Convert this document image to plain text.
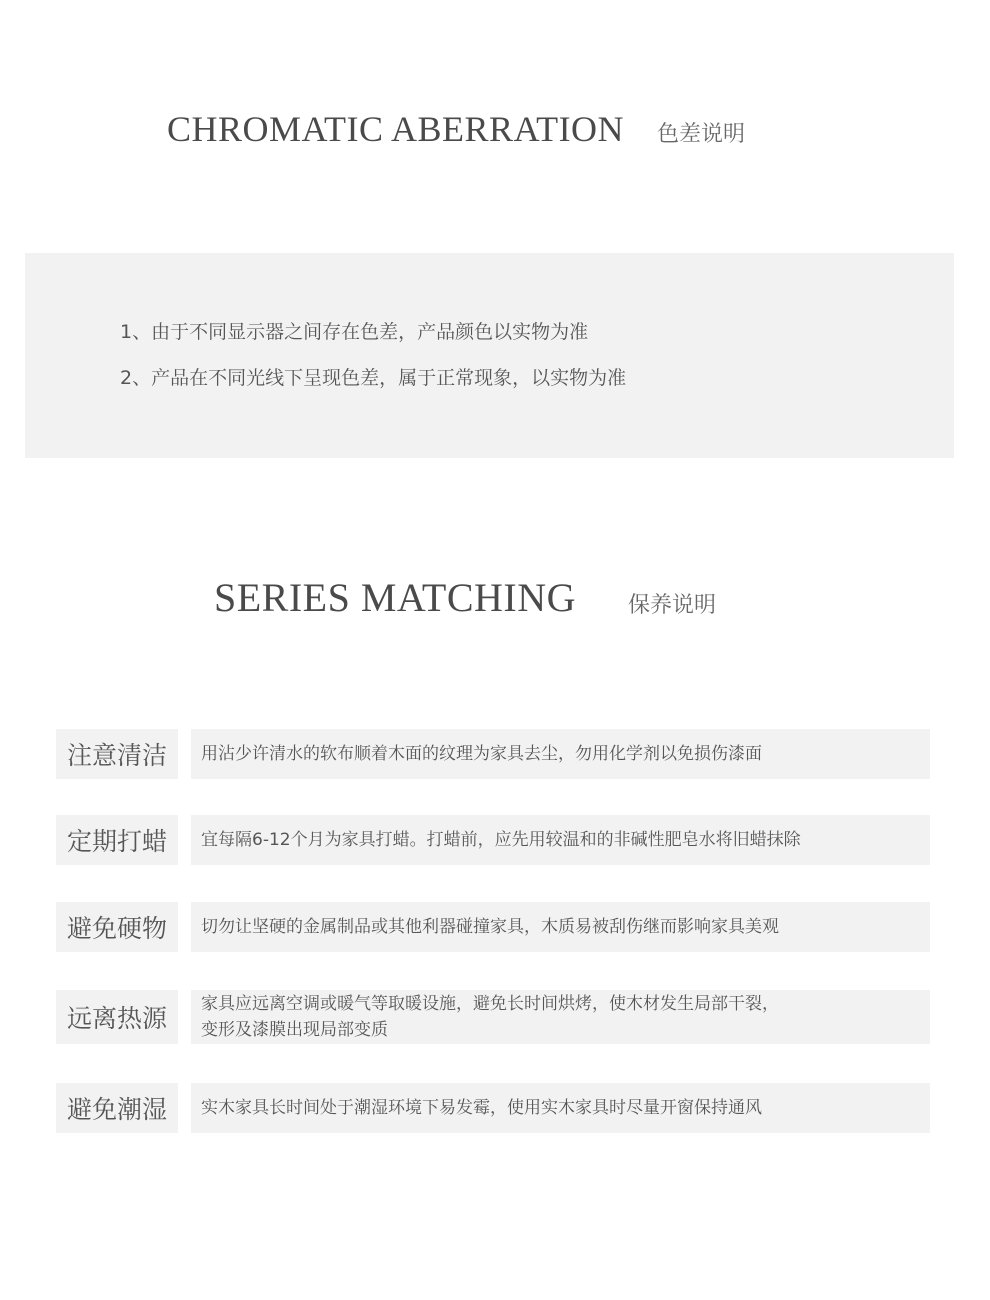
CHROMATIC ABERRATION 色差说明
1、由于不同显示器之间存在色差，产品颜色以实物为准
2、产品在不同光线下呈现色差，属于正常现象，以实物为准
SERIES MATCHING 保养说明
注意清洁	用沾少许清水的软布顺着木面的纹理为家具去尘，勿用化学剂以免损伤漆面
定期打蜡	宜每隔6-12个月为家具打蜡。打蜡前，应先用较温和的非碱性肥皂水将旧蜡抹除
避免硬物	切勿让坚硬的金属制品或其他利器碰撞家具，木质易被刮伤继而影响家具美观
远离热源	家具应远离空调或暖气等取暖设施，避免长时间烘烤，使木材发生局部干裂，
变形及漆膜出现局部变质
避免潮湿	实木家具长时间处于潮湿环境下易发霉，使用实木家具时尽量开窗保持通风
